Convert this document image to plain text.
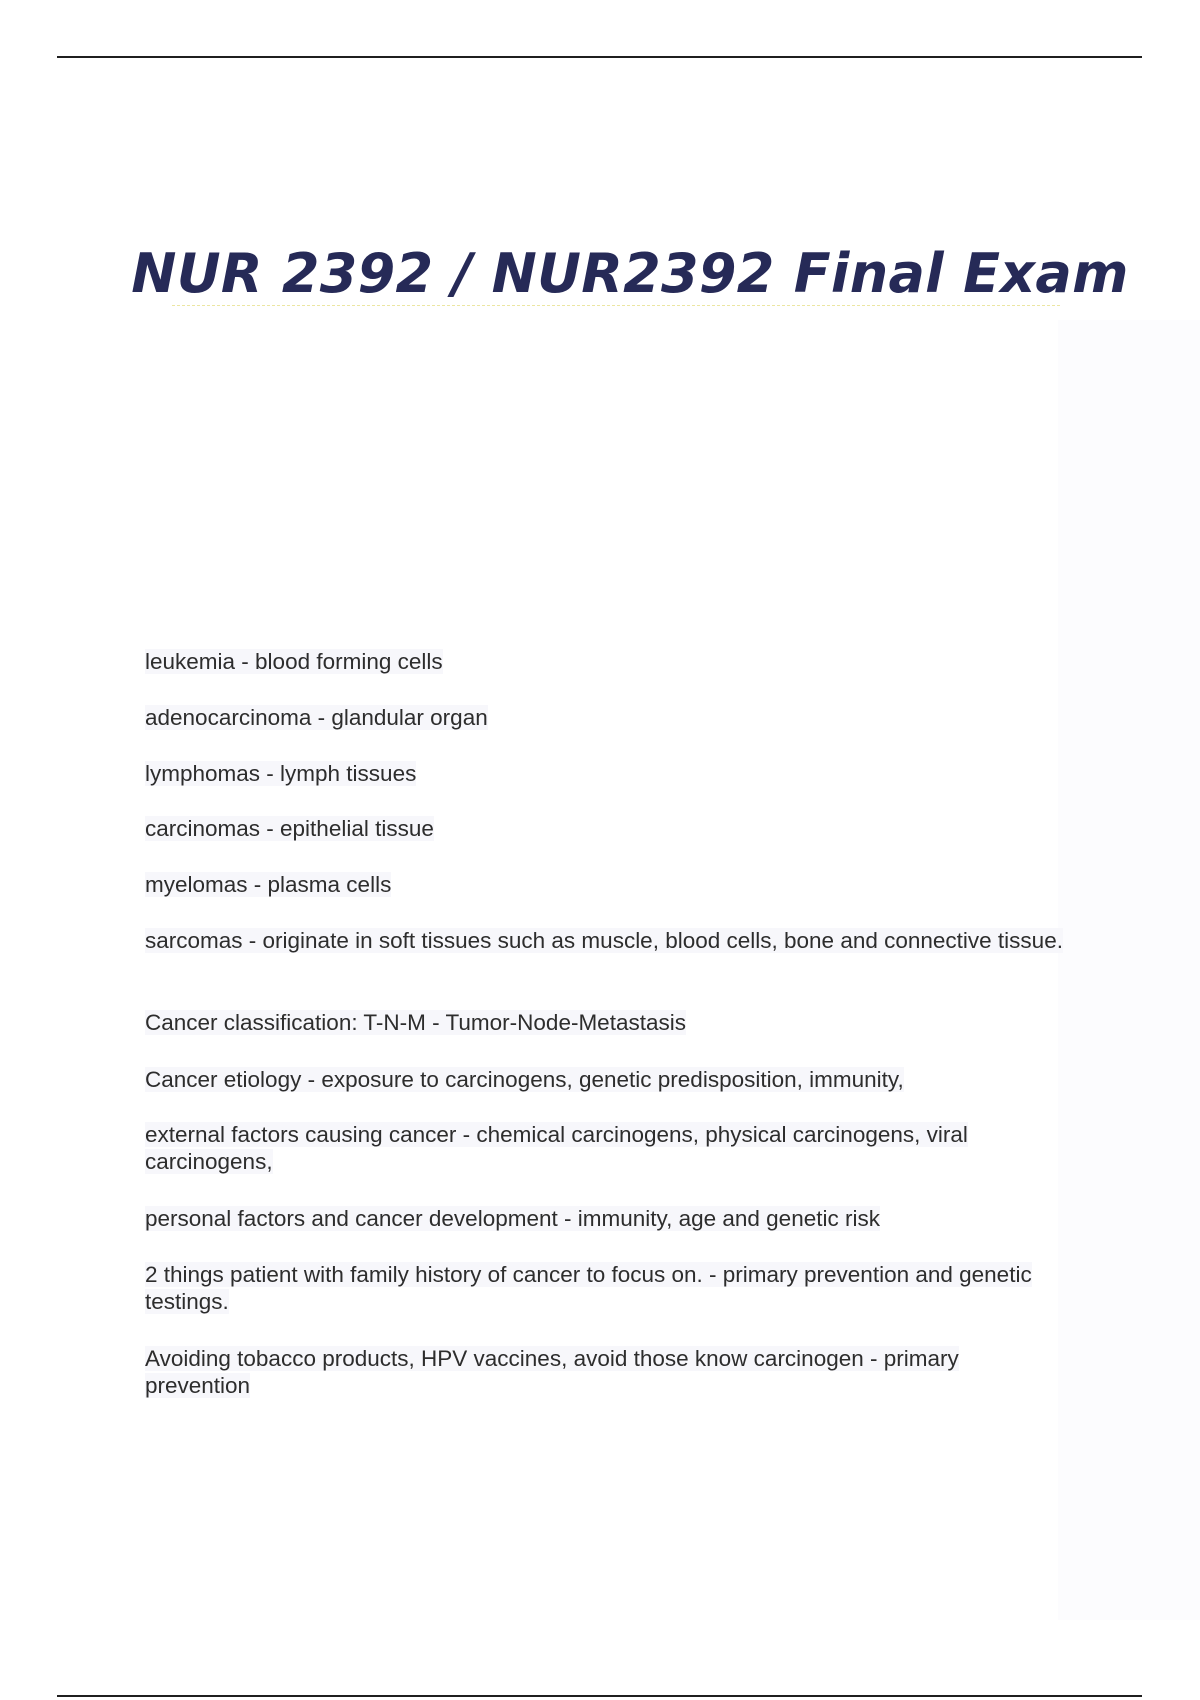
NUR 2392 / NUR2392 Final Exam
leukemia - blood forming cells
adenocarcinoma - glandular organ
lymphomas - lymph tissues
carcinomas - epithelial tissue
myelomas - plasma cells
sarcomas - originate in soft tissues such as muscle, blood cells, bone and connective tissue.
Cancer classification: T-N-M - Tumor-Node-Metastasis
Cancer etiology - exposure to carcinogens, genetic predisposition, immunity,
external factors causing cancer - chemical carcinogens, physical carcinogens, viral carcinogens,
personal factors and cancer development - immunity, age and genetic risk
2 things patient with family history of cancer to focus on. - primary prevention and genetic testings.
Avoiding tobacco products, HPV vaccines, avoid those know carcinogen - primary prevention
